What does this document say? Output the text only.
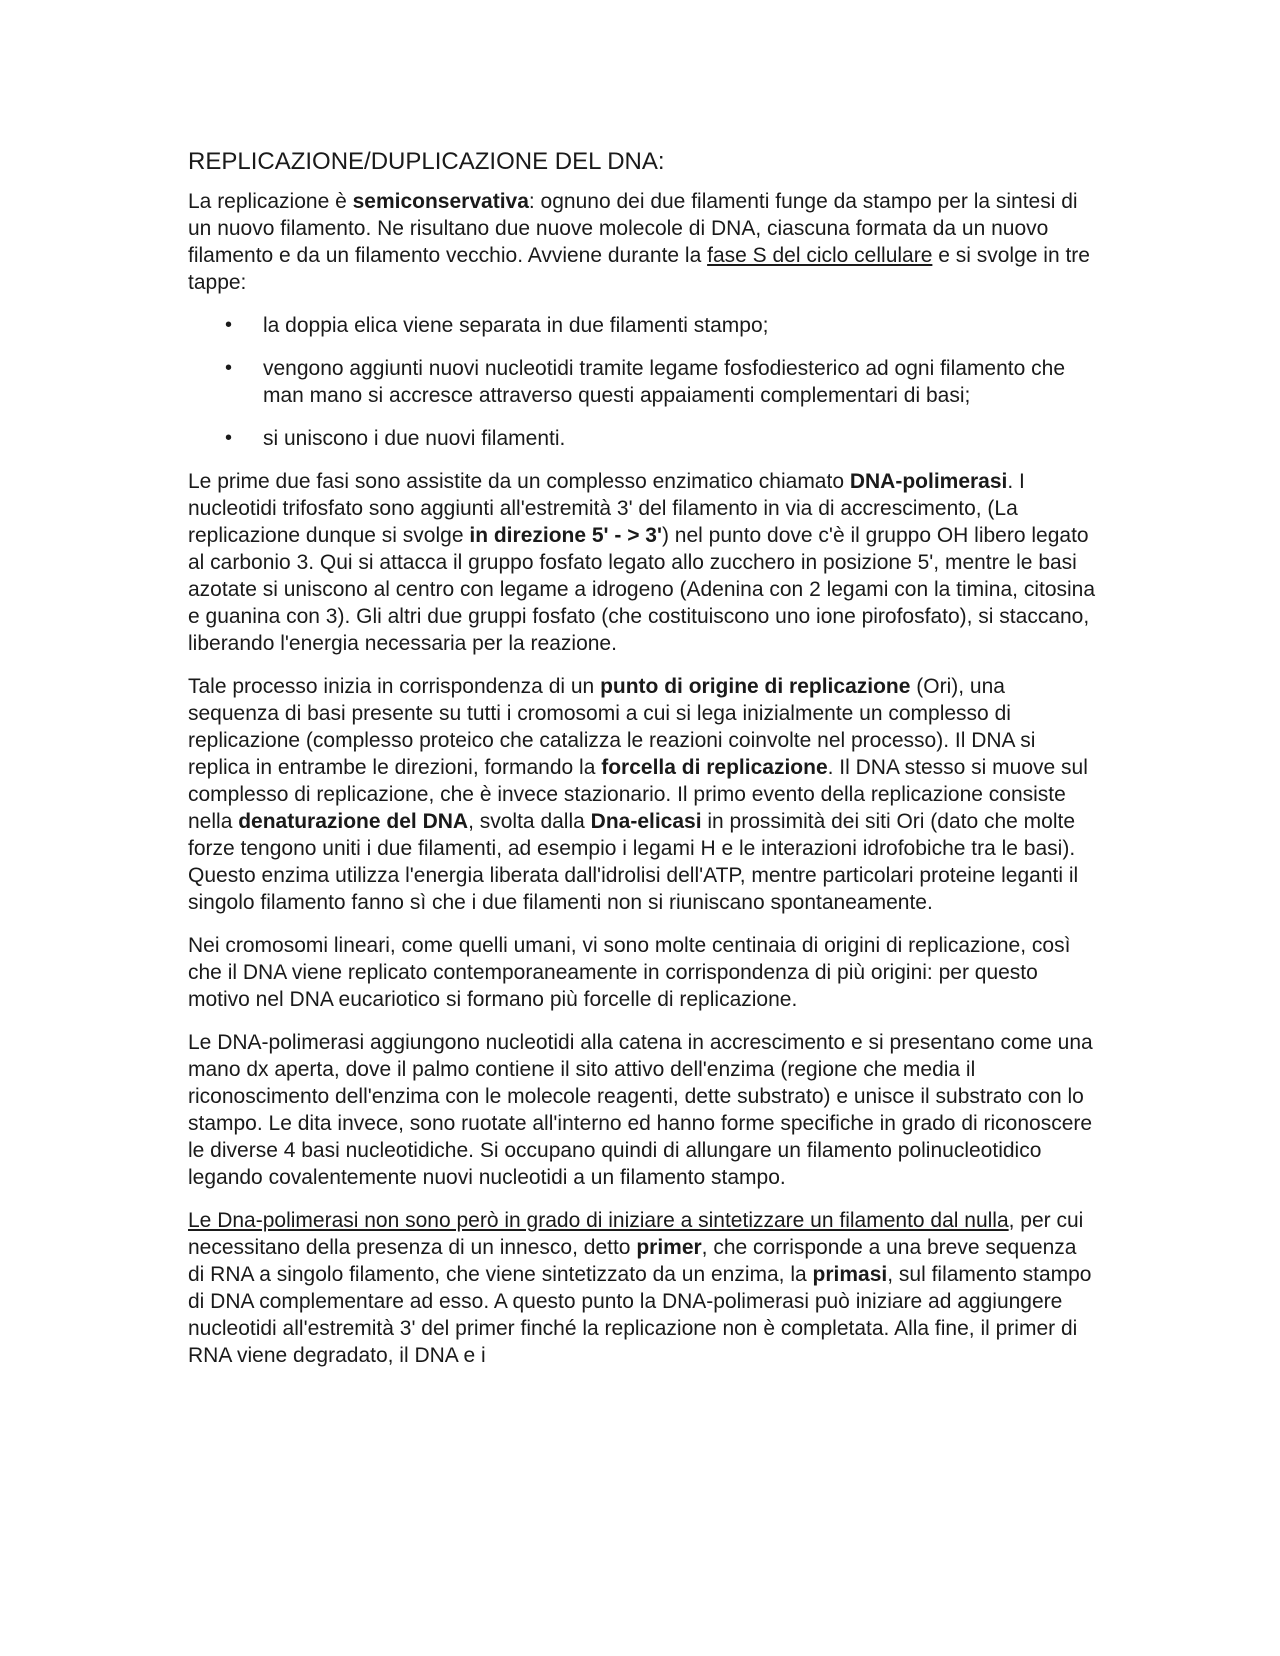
REPLICAZIONE/DUPLICAZIONE DEL DNA:

La replicazione è semiconservativa: ognuno dei due filamenti funge da stampo per la sintesi di un nuovo filamento. Ne risultano due nuove molecole di DNA, ciascuna formata da un nuovo filamento e da un filamento vecchio. Avviene durante la fase S del ciclo cellulare e si svolge in tre tappe:

• la doppia elica viene separata in due filamenti stampo;
• vengono aggiunti nuovi nucleotidi tramite legame fosfodiesterico ad ogni filamento che man mano si accresce attraverso questi appaiamenti complementari di basi;
• si uniscono i due nuovi filamenti.

Le prime due fasi sono assistite da un complesso enzimatico chiamato DNA-polimerasi. I nucleotidi trifosfato sono aggiunti all'estremità 3' del filamento in via di accrescimento, (La replicazione dunque si svolge in direzione 5' - > 3') nel punto dove c'è il gruppo OH libero legato al carbonio 3. Qui si attacca il gruppo fosfato legato allo zucchero in posizione 5', mentre le basi azotate si uniscono al centro con legame a idrogeno (Adenina con 2 legami con la timina, citosina e guanina con 3). Gli altri due gruppi fosfato (che costituiscono uno ione pirofosfato), si staccano, liberando l'energia necessaria per la reazione.

Tale processo inizia in corrispondenza di un punto di origine di replicazione (Ori), una sequenza di basi presente su tutti i cromosomi a cui si lega inizialmente un complesso di replicazione (complesso proteico che catalizza le reazioni coinvolte nel processo). Il DNA si replica in entrambe le direzioni, formando la forcella di replicazione. Il DNA stesso si muove sul complesso di replicazione, che è invece stazionario. Il primo evento della replicazione consiste nella denaturazione del DNA, svolta dalla Dna-elicasi in prossimità dei siti Ori (dato che molte forze tengono uniti i due filamenti, ad esempio i legami H e le interazioni idrofobiche tra le basi). Questo enzima utilizza l'energia liberata dall'idrolisi dell'ATP, mentre particolari proteine leganti il singolo filamento fanno sì che i due filamenti non si riuniscano spontaneamente.

Nei cromosomi lineari, come quelli umani, vi sono molte centinaia di origini di replicazione, così che il DNA viene replicato contemporaneamente in corrispondenza di più origini: per questo motivo nel DNA eucariotico si formano più forcelle di replicazione.

Le DNA-polimerasi aggiungono nucleotidi alla catena in accrescimento e si presentano come una mano dx aperta, dove il palmo contiene il sito attivo dell'enzima (regione che media il riconoscimento dell'enzima con le molecole reagenti, dette substrato) e unisce il substrato con lo stampo. Le dita invece, sono ruotate all'interno ed hanno forme specifiche in grado di riconoscere le diverse 4 basi nucleotidiche. Si occupano quindi di allungare un filamento polinucleotidico legando covalentemente nuovi nucleotidi a un filamento stampo.

Le Dna-polimerasi non sono però in grado di iniziare a sintetizzare un filamento dal nulla, per cui necessitano della presenza di un innesco, detto primer, che corrisponde a una breve sequenza di RNA a singolo filamento, che viene sintetizzato da un enzima, la primasi, sul filamento stampo di DNA complementare ad esso. A questo punto la DNA-polimerasi può iniziare ad aggiungere nucleotidi all'estremità 3' del primer finché la replicazione non è completata. Alla fine, il primer di RNA viene degradato, il DNA e i
